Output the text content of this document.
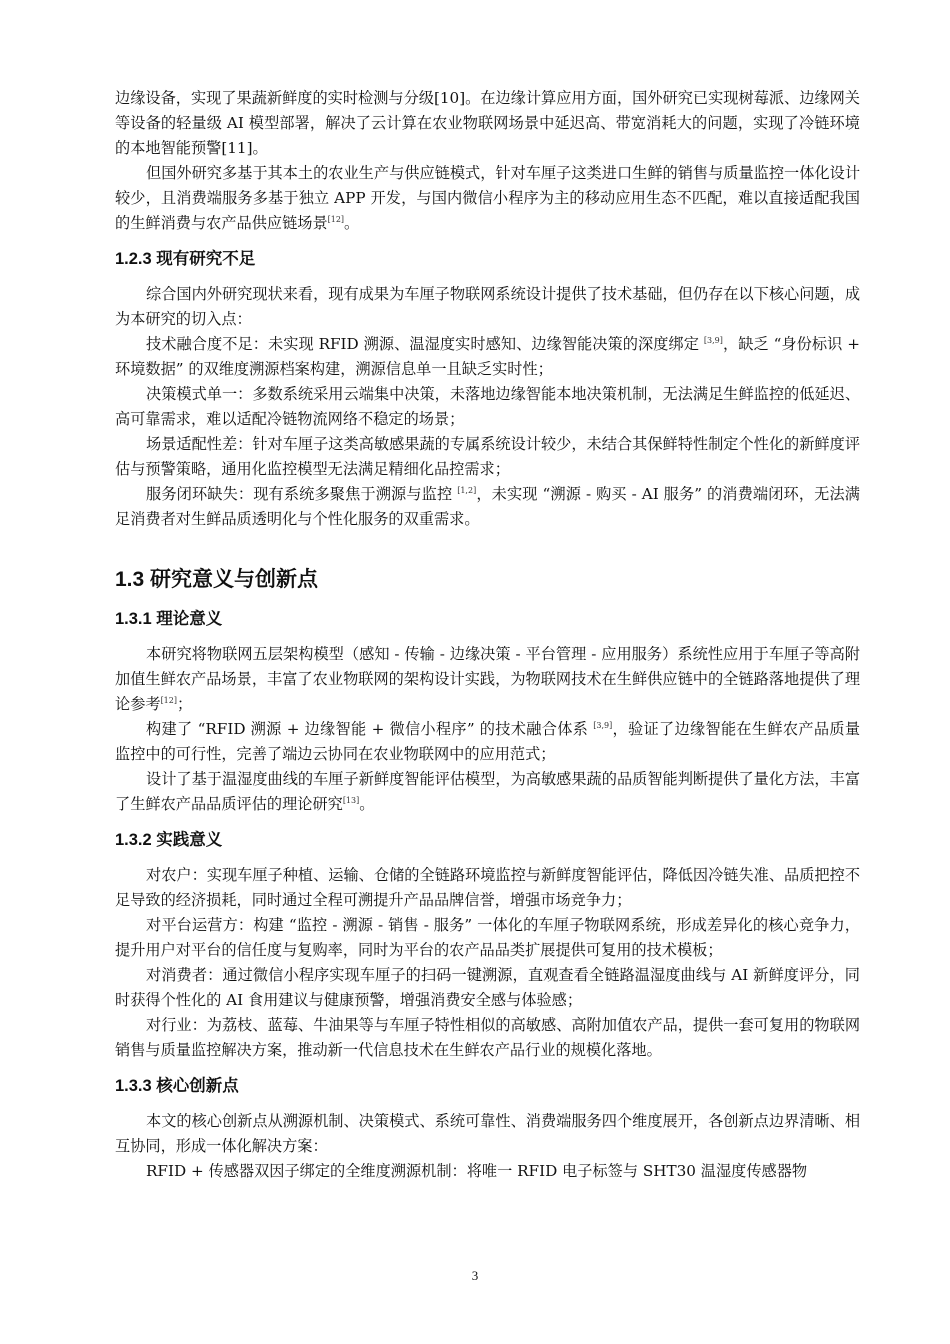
边缘设备，实现了果蔬新鲜度的实时检测与分级[10]。在边缘计算应用方面，国外研究已实现树莓派、边缘网关等设备的轻量级 AI 模型部署，解决了云计算在农业物联网场景中延迟高、带宽消耗大的问题，实现了冷链环境的本地智能预警[11]。

但国外研究多基于其本土的农业生产与供应链模式，针对车厘子这类进口生鲜的销售与质量监控一体化设计较少，且消费端服务多基于独立 APP 开发，与国内微信小程序为主的移动应用生态不匹配，难以直接适配我国的生鲜消费与农产品供应链场景[12]。

1.2.3 现有研究不足

综合国内外研究现状来看，现有成果为车厘子物联网系统设计提供了技术基础，但仍存在以下核心问题，成为本研究的切入点：

技术融合度不足：未实现 RFID 溯源、温湿度实时感知、边缘智能决策的深度绑定 [3,9]，缺乏 “身份标识 + 环境数据” 的双维度溯源档案构建，溯源信息单一且缺乏实时性；

决策模式单一：多数系统采用云端集中决策，未落地边缘智能本地决策机制，无法满足生鲜监控的低延迟、高可靠需求，难以适配冷链物流网络不稳定的场景；

场景适配性差：针对车厘子这类高敏感果蔬的专属系统设计较少，未结合其保鲜特性制定个性化的新鲜度评估与预警策略，通用化监控模型无法满足精细化品控需求；

服务闭环缺失：现有系统多聚焦于溯源与监控 [1,2]，未实现 “溯源 - 购买 - AI 服务” 的消费端闭环，无法满足消费者对生鲜品质透明化与个性化服务的双重需求。

1.3 研究意义与创新点
1.3.1 理论意义

本研究将物联网五层架构模型（感知 - 传输 - 边缘决策 - 平台管理 - 应用服务）系统性应用于车厘子等高附加值生鲜农产品场景，丰富了农业物联网的架构设计实践，为物联网技术在生鲜供应链中的全链路落地提供了理论参考[12]；

构建了 “RFID 溯源 + 边缘智能 + 微信小程序” 的技术融合体系 [3,9]，验证了边缘智能在生鲜农产品质量监控中的可行性，完善了端边云协同在农业物联网中的应用范式；

设计了基于温湿度曲线的车厘子新鲜度智能评估模型，为高敏感果蔬的品质智能判断提供了量化方法，丰富了生鲜农产品品质评估的理论研究[13]。

1.3.2 实践意义

对农户：实现车厘子种植、运输、仓储的全链路环境监控与新鲜度智能评估，降低因冷链失准、品质把控不足导致的经济损耗，同时通过全程可溯提升产品品牌信誉，增强市场竞争力；

对平台运营方：构建 “监控 - 溯源 - 销售 - 服务” 一体化的车厘子物联网系统，形成差异化的核心竞争力，提升用户对平台的信任度与复购率，同时为平台的农产品品类扩展提供可复用的技术模板；

对消费者：通过微信小程序实现车厘子的扫码一键溯源，直观查看全链路温湿度曲线与 AI 新鲜度评分，同时获得个性化的 AI 食用建议与健康预警，增强消费安全感与体验感；

对行业：为荔枝、蓝莓、牛油果等与车厘子特性相似的高敏感、高附加值农产品，提供一套可复用的物联网销售与质量监控解决方案，推动新一代信息技术在生鲜农产品行业的规模化落地。

1.3.3 核心创新点

本文的核心创新点从溯源机制、决策模式、系统可靠性、消费端服务四个维度展开，各创新点边界清晰、相互协同，形成一体化解决方案：

RFID + 传感器双因子绑定的全维度溯源机制：将唯一 RFID 电子标签与 SHT30 温湿度传感器物

3
